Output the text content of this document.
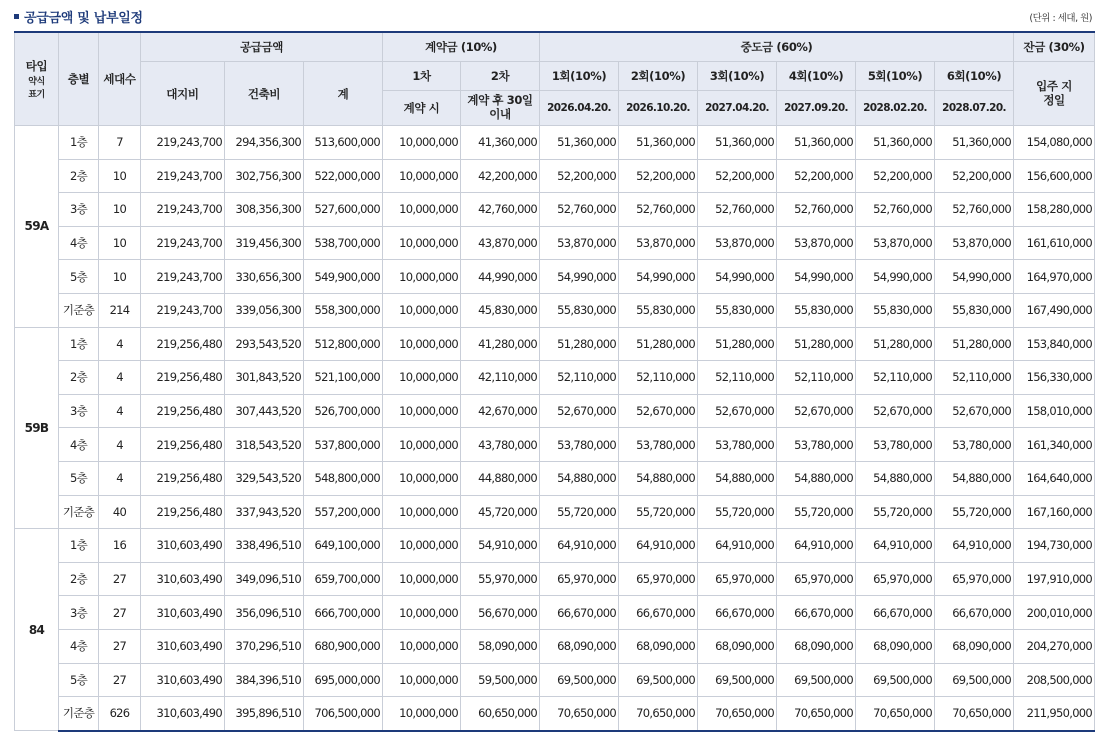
공급금액 및 납부일정	(단위 : 세대, 원)
타입
약식
표기	층별	세대수	공급금액			계약금 (10%)		중도금 (60%)						잔금 (30%)
			대지비	건축비	계	1차	2차	1회(10%)	2회(10%)	3회(10%)	4회(10%)	5회(10%)	6회(10%)	입주 지정일

						계약 시	계약 후 30일 이내	2026.04.20.	2026.10.20.	2027.04.20.	2027.09.20.	2028.02.20.	2028.07.20.	
59A	1층	7	219,243,700	294,356,300	513,600,000	10,000,000	41,360,000	51,360,000	51,360,000	51,360,000	51,360,000	51,360,000	51,360,000	154,080,000
	2층	10	219,243,700	302,756,300	522,000,000	10,000,000	42,200,000	52,200,000	52,200,000	52,200,000	52,200,000	52,200,000	52,200,000	156,600,000
	3층	10	219,243,700	308,356,300	527,600,000	10,000,000	42,760,000	52,760,000	52,760,000	52,760,000	52,760,000	52,760,000	52,760,000	158,280,000
	4층	10	219,243,700	319,456,300	538,700,000	10,000,000	43,870,000	53,870,000	53,870,000	53,870,000	53,870,000	53,870,000	53,870,000	161,610,000
	5층	10	219,243,700	330,656,300	549,900,000	10,000,000	44,990,000	54,990,000	54,990,000	54,990,000	54,990,000	54,990,000	54,990,000	164,970,000
	기준층	214	219,243,700	339,056,300	558,300,000	10,000,000	45,830,000	55,830,000	55,830,000	55,830,000	55,830,000	55,830,000	55,830,000	167,490,000
59B	1층	4	219,256,480	293,543,520	512,800,000	10,000,000	41,280,000	51,280,000	51,280,000	51,280,000	51,280,000	51,280,000	51,280,000	153,840,000
	2층	4	219,256,480	301,843,520	521,100,000	10,000,000	42,110,000	52,110,000	52,110,000	52,110,000	52,110,000	52,110,000	52,110,000	156,330,000
	3층	4	219,256,480	307,443,520	526,700,000	10,000,000	42,670,000	52,670,000	52,670,000	52,670,000	52,670,000	52,670,000	52,670,000	158,010,000
	4층	4	219,256,480	318,543,520	537,800,000	10,000,000	43,780,000	53,780,000	53,780,000	53,780,000	53,780,000	53,780,000	53,780,000	161,340,000
	5층	4	219,256,480	329,543,520	548,800,000	10,000,000	44,880,000	54,880,000	54,880,000	54,880,000	54,880,000	54,880,000	54,880,000	164,640,000
	기준층	40	219,256,480	337,943,520	557,200,000	10,000,000	45,720,000	55,720,000	55,720,000	55,720,000	55,720,000	55,720,000	55,720,000	167,160,000
84	1층	16	310,603,490	338,496,510	649,100,000	10,000,000	54,910,000	64,910,000	64,910,000	64,910,000	64,910,000	64,910,000	64,910,000	194,730,000
	2층	27	310,603,490	349,096,510	659,700,000	10,000,000	55,970,000	65,970,000	65,970,000	65,970,000	65,970,000	65,970,000	65,970,000	197,910,000
	3층	27	310,603,490	356,096,510	666,700,000	10,000,000	56,670,000	66,670,000	66,670,000	66,670,000	66,670,000	66,670,000	66,670,000	200,010,000
	4층	27	310,603,490	370,296,510	680,900,000	10,000,000	58,090,000	68,090,000	68,090,000	68,090,000	68,090,000	68,090,000	68,090,000	204,270,000
	5층	27	310,603,490	384,396,510	695,000,000	10,000,000	59,500,000	69,500,000	69,500,000	69,500,000	69,500,000	69,500,000	69,500,000	208,500,000
	기준층	626	310,603,490	395,896,510	706,500,000	10,000,000	60,650,000	70,650,000	70,650,000	70,650,000	70,650,000	70,650,000	70,650,000	211,950,000
